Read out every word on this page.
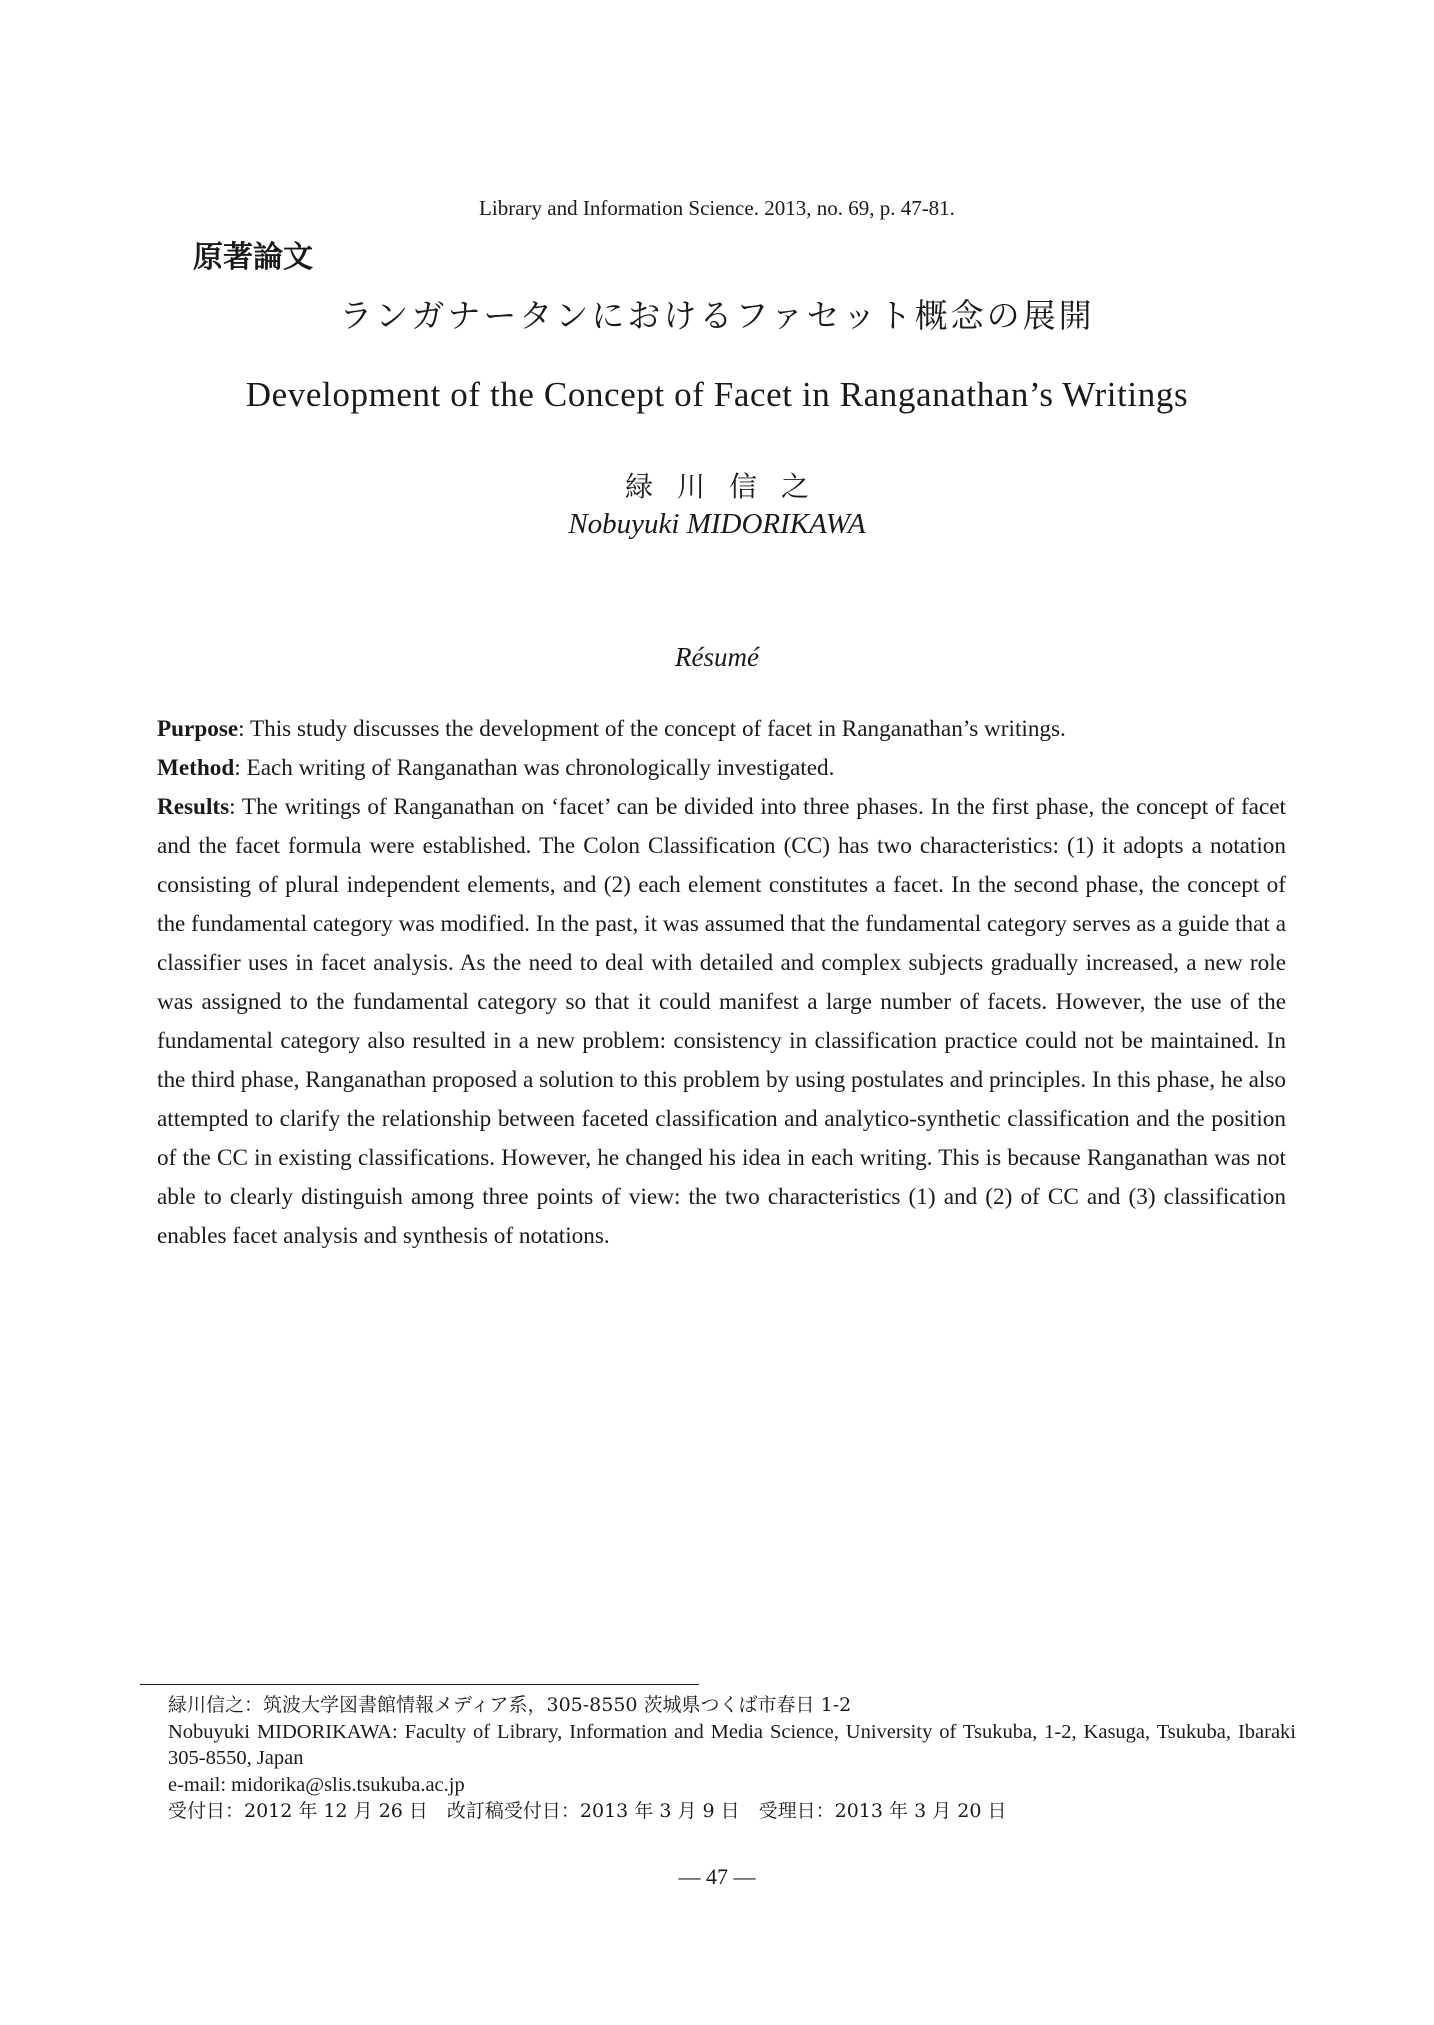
Library and Information Science. 2013, no. 69, p. 47-81.
原著論文
ランガナータンにおけるファセット概念の展開
Development of the Concept of Facet in Ranganathan’s Writings
緑川信之
Nobuyuki MIDORIKAWA
Résumé

Purpose: This study discusses the development of the concept of facet in Ranganathan’s writings.

Method: Each writing of Ranganathan was chronologically investigated.

Results: The writings of Ranganathan on ‘facet’ can be divided into three phases. In the first phase, the concept of facet and the facet formula were established. The Colon Classification (CC) has two characteristics: (1) it adopts a notation consisting of plural independent elements, and (2) each element constitutes a facet. In the second phase, the concept of the fundamental category was modified. In the past, it was assumed that the fundamental category serves as a guide that a classifier uses in facet analysis. As the need to deal with detailed and complex subjects gradually increased, a new role was assigned to the fundamental category so that it could manifest a large number of facets. However, the use of the fundamental category also resulted in a new problem: consistency in classification practice could not be maintained. In the third phase, Ranganathan proposed a solution to this problem by using postulates and principles. In this phase, he also attempted to clarify the relationship between faceted classification and analytico-synthetic classification and the position of the CC in existing classifications. However, he changed his idea in each writing. This is because Ranganathan was not able to clearly distinguish among three points of view: the two characteristics (1) and (2) of CC and (3) classification enables facet analysis and synthesis of notations.

緑川信之：筑波大学図書館情報メディア系，305-8550 茨城県つくば市春日 1-2
Nobuyuki MIDORIKAWA: Faculty of Library, Information and Media Science, University of Tsukuba, 1-2, Kasuga, Tsukuba, Ibaraki 305-8550, Japan
e-mail: midorika@slis.tsukuba.ac.jp
受付日：2012 年 12 月 26 日　改訂稿受付日：2013 年 3 月 9 日　受理日：2013 年 3 月 20 日
— 47 —
